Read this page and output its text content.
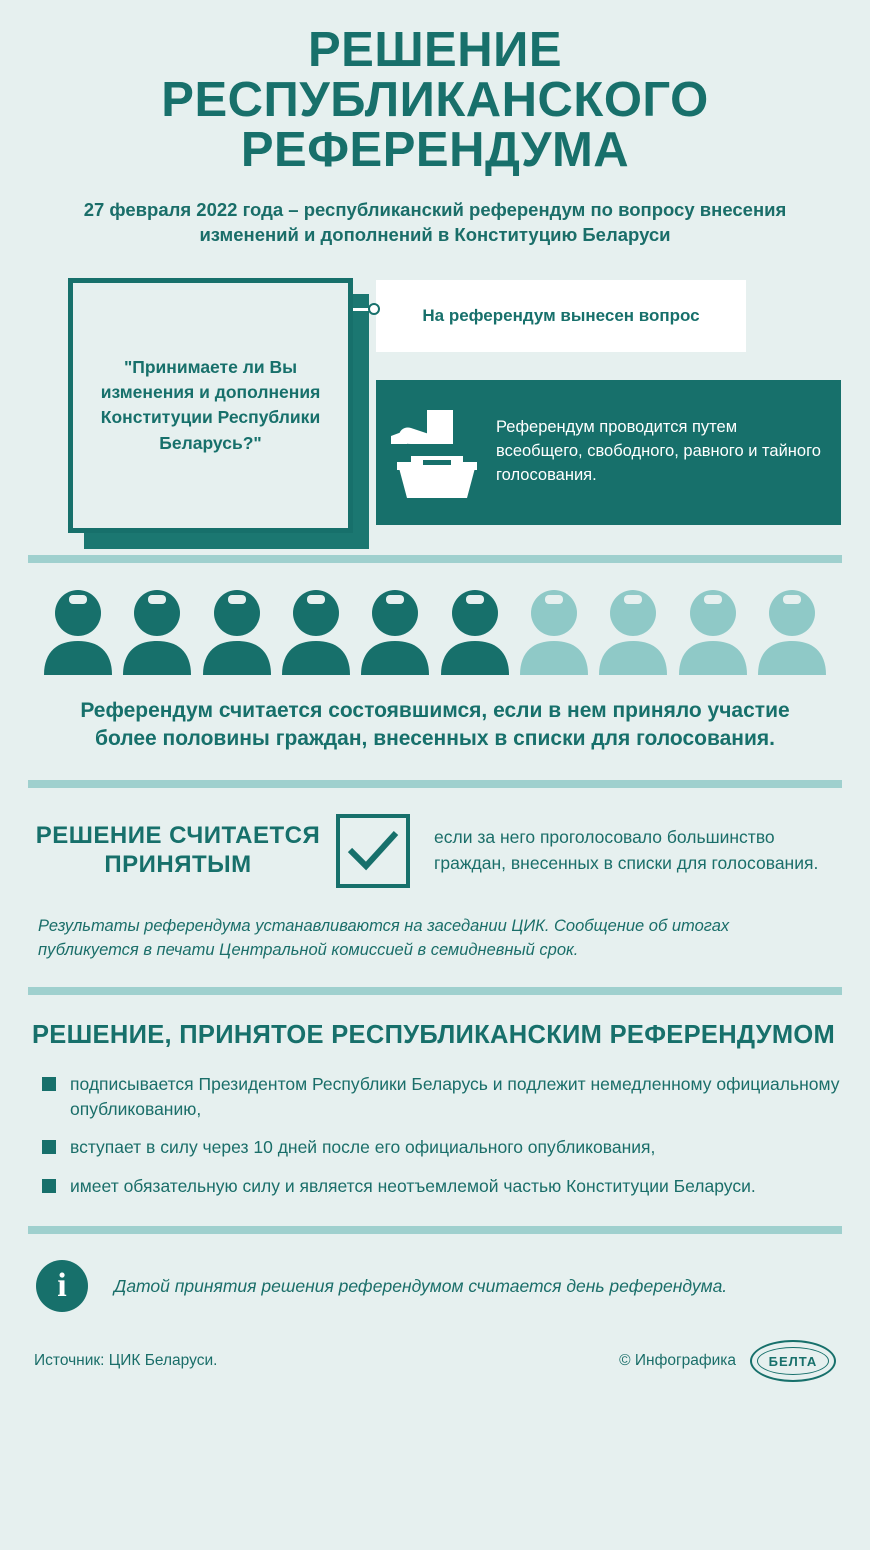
РЕШЕНИЕ РЕСПУБЛИКАНСКОГО РЕФЕРЕНДУМА
27 февраля 2022 года – республиканский референдум по вопросу внесения изменений и дополнений в Конституцию Беларуси
"Принимаете ли Вы изменения и дополнения Конституции Республики Беларусь?"
На референдум вынесен вопрос

Референдум проводится путем всеобщего, свободного, равного и тайного голосования.

Референдум считается состоявшимся, если в нем приняло участие более половины граждан, внесенных в списки для голосования.
РЕШЕНИЕ СЧИТАЕТСЯ ПРИНЯТЫМ
если за него проголосовало большинство граждан, внесенных в списки для голосования.
Результаты референдума устанавливаются на заседании ЦИК. Сообщение об итогах публикуется в печати Центральной комиссией в семидневный срок.
РЕШЕНИЕ, ПРИНЯТОЕ РЕСПУБЛИКАНСКИМ РЕФЕРЕНДУМОМ
подписывается Президентом Республики Беларусь и подлежит немедленному официальному опубликованию,
вступает в силу через 10 дней после его официального опубликования,
имеет обязательную силу и является неотъемлемой частью Конституции Беларуси.
i	Датой принятия решения референдумом считается день референдума.
Источник: ЦИК Беларуси.	© Инфографика	БЕЛТА
